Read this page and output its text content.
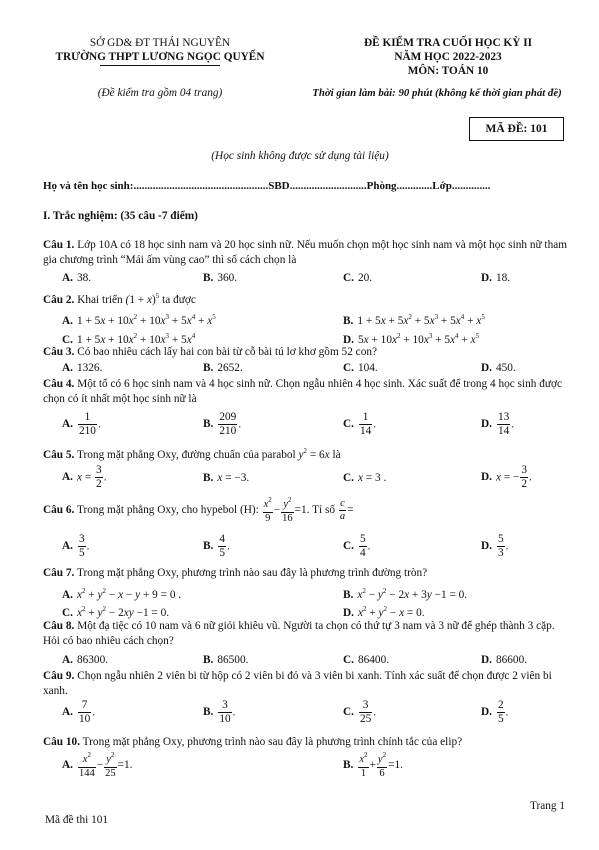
SỞ GD& ĐT THÁI NGUYÊN
TRƯỜNG THPT LƯƠNG NGỌC QUYẾN
(Đề kiểm tra gồm 04 trang)
ĐỀ KIỂM TRA CUỐI HỌC KỲ II
NĂM HỌC 2022-2023
MÔN: TOÁN 10
Thời gian làm bài: 90 phút (không kể thời gian phát đề)
MÃ ĐỀ: 101
(Học sinh không được sử dụng tài liệu)
Họ và tên học sinh:.................................................SBD............................Phòng.............Lớp..............
I. Trắc nghiệm: (35 câu -7 điểm)
Câu 1. Lớp 10A có 18 học sinh nam và 20 học sinh nữ. Nếu muốn chọn một học sinh nam và một học sinh nữ tham gia chương trình “Mái ấm vùng cao” thì số cách chọn là
A. 38.	B. 360.	C. 20.	D. 18.
Câu 2. Khai triển $(1 + x)^5$ ta được
A. $1 + 5x + 10x^2 + 10x^3 + 5x^4 + x^5$	B. $1 + 5x + 5x^2 + 5x^3 + 5x^4 + x^5$
C. $1 + 5x + 10x^2 + 10x^3 + 5x^4$	D. $5x + 10x^2 + 10x^3 + 5x^4 + x^5$
Câu 3. Có bao nhiêu cách lấy hai con bài từ cỗ bài tú lơ khơ gồm 52 con?
A. 1326.	B. 2652.	C. 104.	D. 450.
Câu 4. Một tổ có 6 học sinh nam và 4 học sinh nữ. Chọn ngẫu nhiên 4 học sinh. Xác suất để trong 4 học sinh được chọn có ít nhất một học sinh nữ là
A. $\frac{1}{210}$ .	B. $\frac{209}{210}$ .	C. $\frac{1}{14}$ .	D. $\frac{13}{14}$ .
Câu 5. Trong mặt phẳng Oxy, đường chuẩn của parabol $y^2 = 6x$ là
A. $x = \frac{3}{2}$ .	B. x = −3.	C. x = 3 .	D. x = − $\frac{3}{2}$ .
Câu 6. Trong mặt phẳng Oxy, cho hypebol (H): $\frac{x^2}{9} - \frac{y^2}{16} =1$. Tỉ số $\frac{c}{a}$ =
A. $\frac{3}{5}$ .	B. $\frac{4}{5}$ .	C. $\frac{5}{4}$ .	D. $\frac{5}{3}$ .
Câu 7. Trong mặt phẳng Oxy, phương trình nào sau đây là phương trình đường tròn?
A. $x^2 + y^2 - x - y + 9 = 0$ .	B. $x^2 - y^2 - 2x + 3y -1 = 0$.
C. $x^2 + y^2 - 2xy -1 = 0$.	D. $x^2 + y^2 - x = 0$.
Câu 8. Một đạ tiệc có 10 nam và 6 nữ giỏi khiêu vũ. Người ta chọn có thứ tự 3 nam và 3 nữ để ghép thành 3 cặp. Hỏi có bao nhiêu cách chọn?
A. 86300.	B. 86500.	C. 86400.	D. 86600.
Câu 9. Chọn ngẫu nhiên 2 viên bi từ hộp có 2 viên bi đỏ và 3 viên bi xanh. Tính xác suất để chọn được 2 viên bi xanh.
A. $\frac{7}{10}$ .	B. $\frac{3}{10}$ .	C. $\frac{3}{25}$ .	D. $\frac{2}{5}$ .
Câu 10. Trong mặt phẳng Oxy, phương trình nào sau đây là phương trình chính tắc của elip?
A. $\frac{x^2}{144} - \frac{y^2}{25} =1$.	B. $\frac{x^2}{1} + \frac{y^2}{6} =1$.
Trang 1
Mã đề thi 101
